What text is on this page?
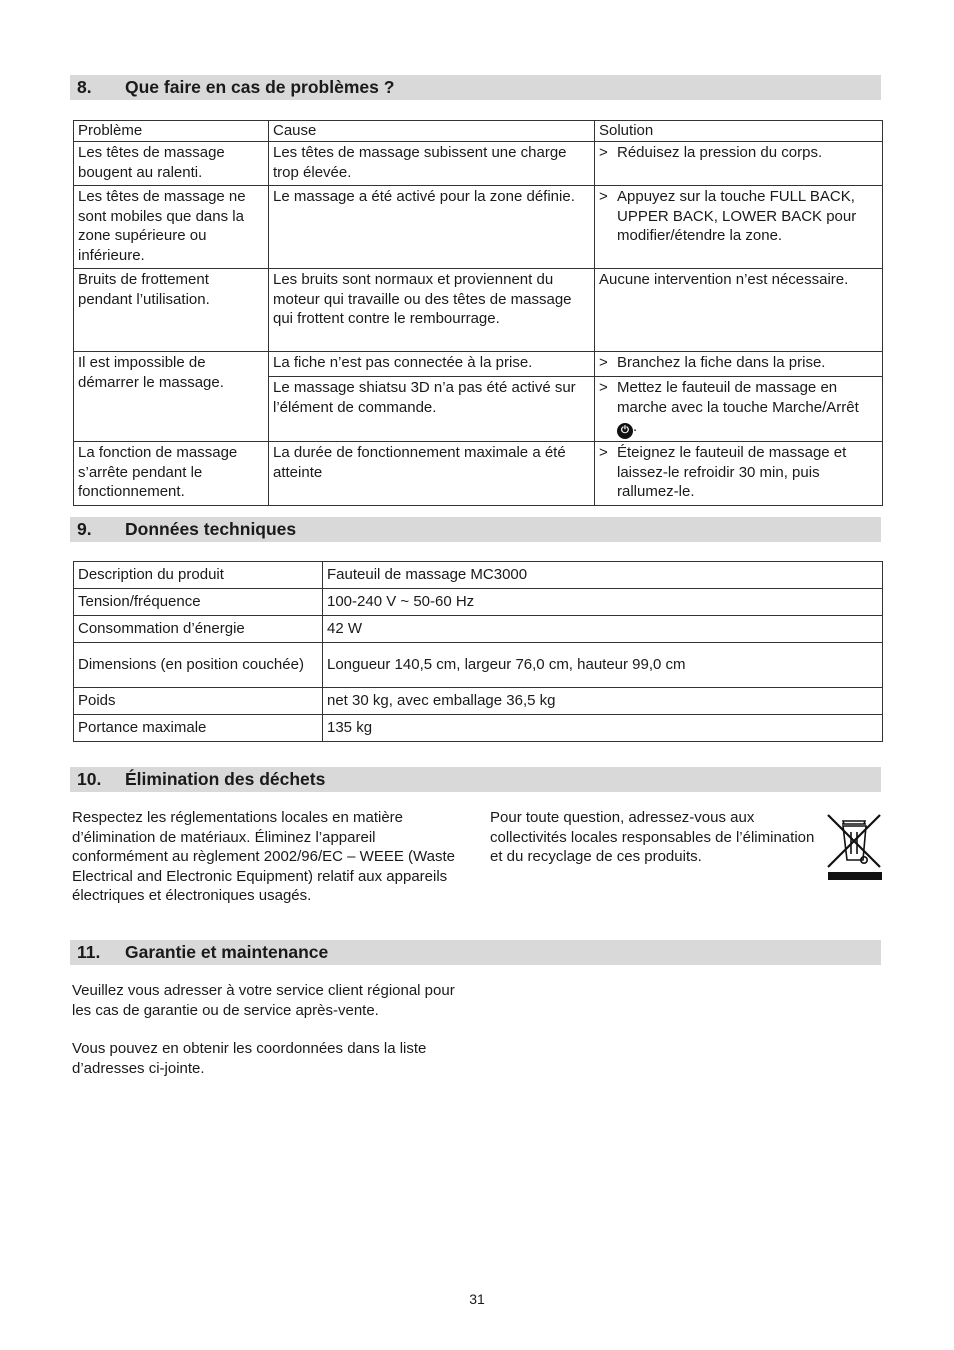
8. Que faire en cas de problèmes ?
Problème	Cause	Solution
Les têtes de massage bougent au ralenti.	Les têtes de massage subissent une charge trop élevée.	> Réduisez la pression du corps.

Les têtes de massage ne sont mobiles que dans la zone supérieure ou inférieure.	Le massage a été activé pour la zone définie.	> Appuyez sur la touche FULL BACK, UPPER BACK, LOWER BACK pour modifier/étendre la zone.

Bruits de frottement pendant l’utilisation.	Les bruits sont normaux et proviennent du moteur qui travaille ou des têtes de massage qui frottent contre le rembourrage.	Aucune intervention n’est nécessaire.
Il est impossible de démarrer le massage.	La fiche n’est pas connectée à la prise.	> Branchez la fiche dans la prise.

	Le massage shiatsu 3D n’a pas été activé sur l’élément de commande.	> Mettez le fauteuil de massage en marche avec la touche Marche/Arrêt ⏻ .

La fonction de massage s’arrête pendant le fonctionnement.	La durée de fonctionnement maximale a été atteinte	> Éteignez le fauteuil de massage et laissez-le refroidir 30 min, puis rallumez-le.
9. Données techniques
Description du produit	Fauteuil de massage MC3000
Tension/fréquence	100-240 V ~ 50-60 Hz
Consommation d’énergie	42 W
Dimensions (en position couchée)	Longueur 140,5 cm, largeur 76,0 cm, hauteur 99,0 cm
Poids	net 30 kg, avec emballage 36,5 kg
Portance maximale	135 kg
10. Élimination des déchets

Respectez les réglementations locales en matière d’élimination de matériaux. Éliminez l’appareil conformément au règlement 2002/96/EC – WEEE (Waste Electrical and Electronic Equipment) relatif aux appareils électriques et électroniques usagés.

Pour toute question, adressez-vous aux collectivités locales responsables de l’élimination et du recyclage de ces produits.

11. Garantie et maintenance

Veuillez vous adresser à votre service client régional pour les cas de garantie ou de service après-vente.

Vous pouvez en obtenir les coordonnées dans la liste d’adresses ci-jointe.

31
